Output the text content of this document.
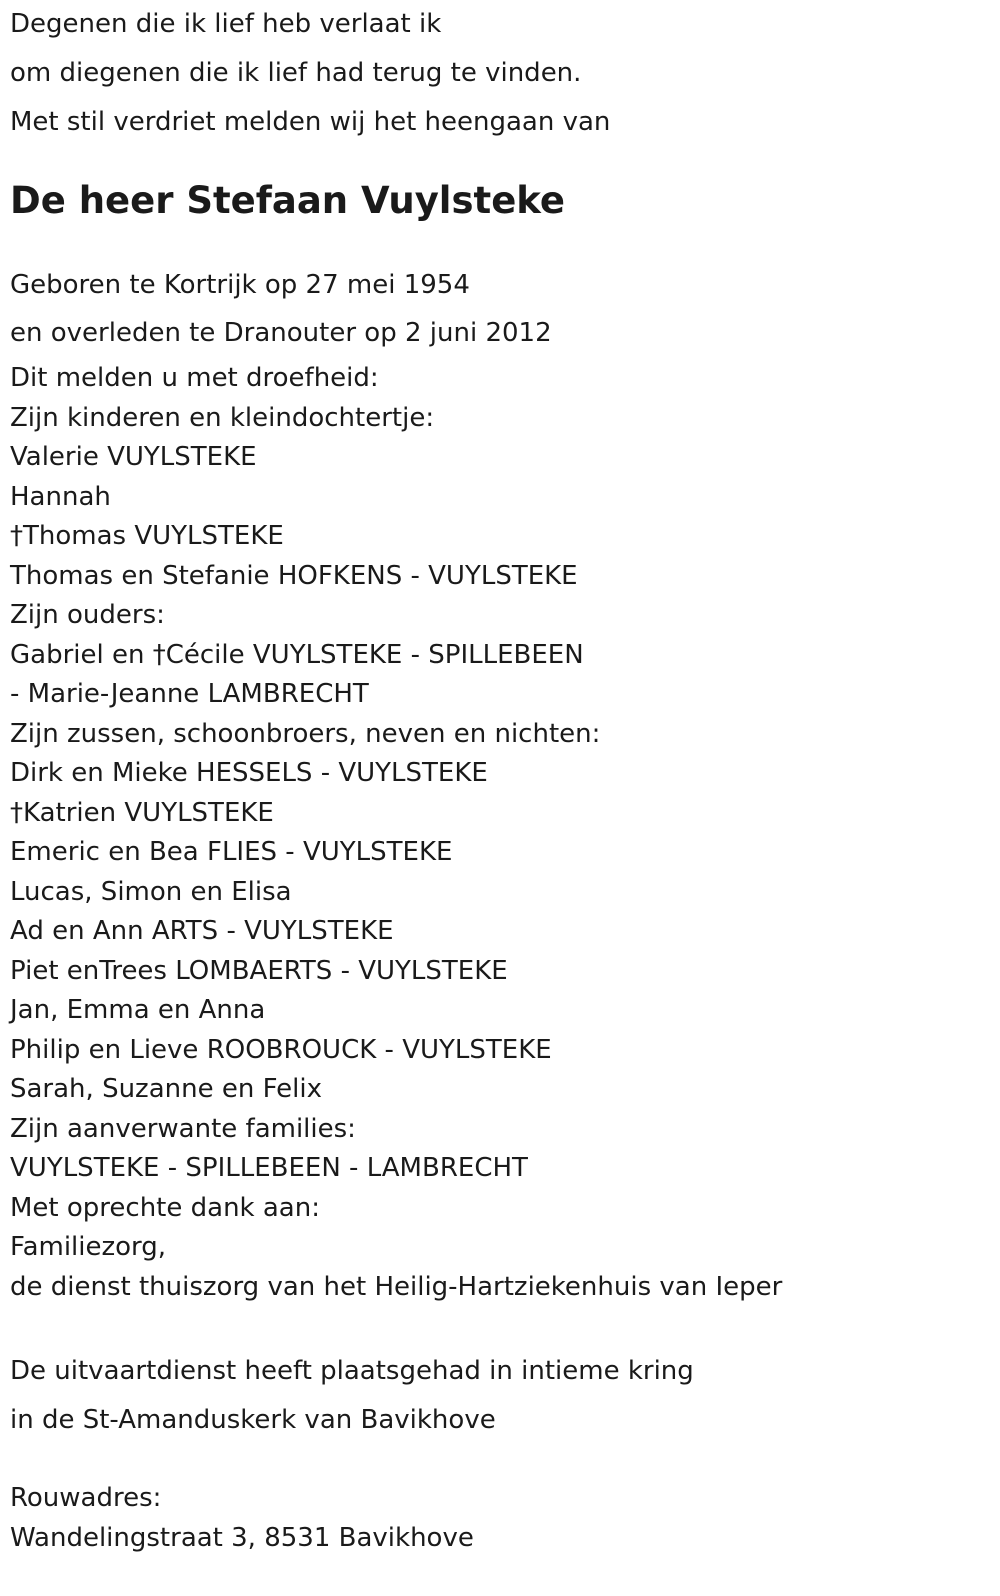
Degenen die ik lief heb verlaat ik

om diegenen die ik lief had terug te vinden.

Met stil verdriet melden wij het heengaan van

De heer Stefaan Vuylsteke

Geboren te Kortrijk op 27 mei 1954

en overleden te Dranouter op 2 juni 2012

Dit melden u met droefheid:

Zijn kinderen en kleindochtertje:

Valerie VUYLSTEKE

Hannah

†Thomas VUYLSTEKE

Thomas en Stefanie HOFKENS - VUYLSTEKE

Zijn ouders:

Gabriel en †Cécile VUYLSTEKE - SPILLEBEEN

- Marie-Jeanne LAMBRECHT

Zijn zussen, schoonbroers, neven en nichten:

Dirk en Mieke HESSELS - VUYLSTEKE

†Katrien VUYLSTEKE

Emeric en Bea FLIES - VUYLSTEKE

Lucas, Simon en Elisa

Ad en Ann ARTS - VUYLSTEKE

Piet enTrees LOMBAERTS - VUYLSTEKE

Jan, Emma en Anna

Philip en Lieve ROOBROUCK - VUYLSTEKE

Sarah, Suzanne en Felix

Zijn aanverwante families:

VUYLSTEKE - SPILLEBEEN - LAMBRECHT

Met oprechte dank aan:

Familiezorg,

de dienst thuiszorg van het Heilig-Hartziekenhuis van Ieper

De uitvaartdienst heeft plaatsgehad in intieme kring

in de St-Amanduskerk van Bavikhove

Rouwadres:

Wandelingstraat 3, 8531 Bavikhove
